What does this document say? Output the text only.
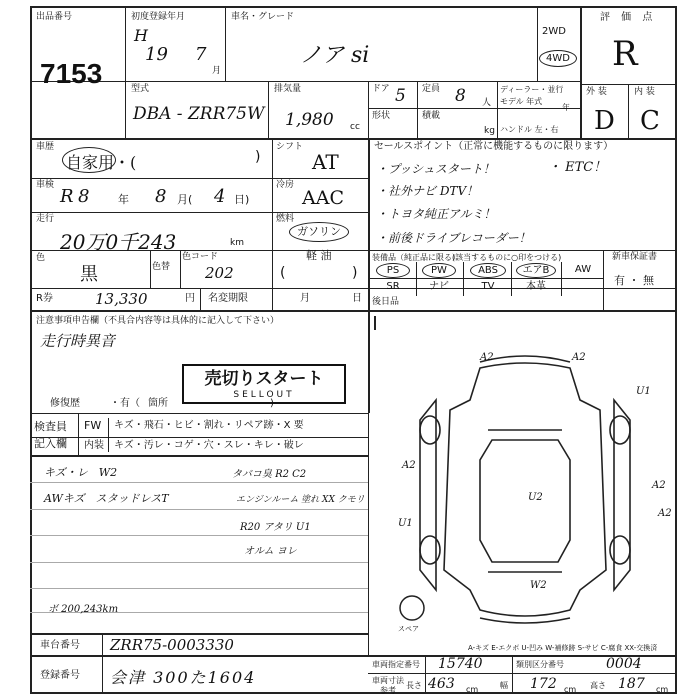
出品番号
7153
初度登録年月
H
19 7
月
車名・グレード
ノア si
2WD
4WD
評 価 点
R
外 装	内 装
D C
型式
DBA - ZRR75W
排気量
1,980 cc
ドア 5 定員 8 人
ディーラー・並行
モデル 年式
年
形状	積載
kg ハンドル 左・右
車歴
自家用・(	)
シフト
AT
車検
R 8	年 8 月( 4 日)
冷房
AAC
走行
20万0千243	km
燃料
ガソリン
軽 油
色
黒	色替
色コード
202	(	)
R券	13,330	円 名変期限	月	日
セールスポイント（正常に機能するものに限ります）
・プッシュスタート！	・ ETC！
・社外ナビ DTV！
・トヨタ純正アルミ！
・前後ドライブレコーダー！
装備品（純正品に限る）
(該当するものに○印をつける)	新車保証書
有 ・ 無
PS	PW	ABS	エアB	AW
SR	ナビ	TV	本革
注意事項申告欄（不具合内容等は具体的に記入して下さい）
走行時異音
後日品
売切りスタート
SELLOUT
修復歴	・有（ 箇所	)
検査員
記入欄
FW キズ・飛石・ヒビ・割れ・リペア跡・X 要
内装 キズ・汚レ・コゲ・穴・スレ・キレ・破レ
キズ・レ　W2
AWキズ　スタッドレスT
タバコ臭 R2 C2
エンジンルーム 塗れ XX クモリ
R20 アタリ U1
オルム ヨレ
ボ 200,243km
スペア
A2	A2
U1
A2
A2
U2
U1
W2
A2
A-キズ E-エクボ U-凹み W-補修跡 S-サビ C-腐食 XX-交換済
車台番号 ZRR75-0003330
登録番号 会津 300た1604
車両指定番号 15740	類別区分番号	0004
車両寸法
参考
長さ 463 cm	幅 172 cm 高さ 187 cm
